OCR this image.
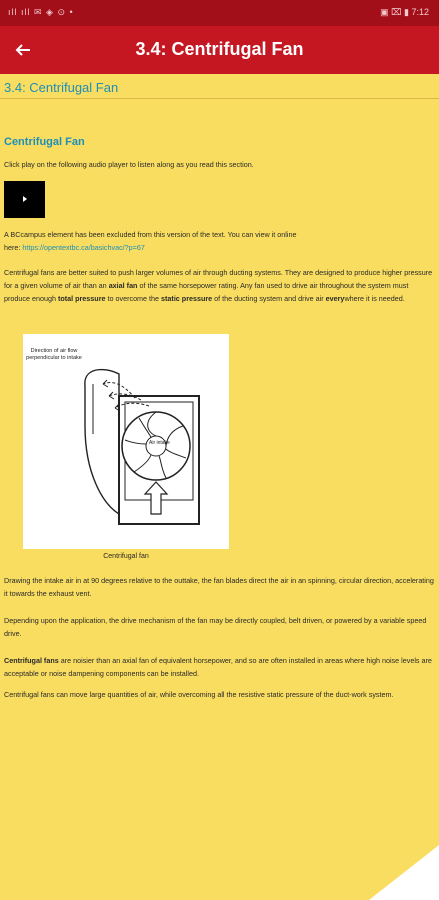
ıll ıll ✉ ◈ ⊙ •	▣ ⌧ ▮ 7:12
3.4: Centrifugal Fan
3.4: Centrifugal Fan
Centrifugal Fan
Click play on the following audio player to listen along as you read this section.
A BCcampus element has been excluded from this version of the text. You can view it online
here: https://opentextbc.ca/basichvac/?p=67
Centrifugal fans are better suited to push larger volumes of air through ducting systems. They are designed to produce higher pressure for a given volume of air than an axial fan of the same horsepower rating. Any fan used to drive air throughout the system must produce enough total pressure to overcome the static pressure of the ducting system and drive air everywhere it is needed.
Air intake
Direction of air flow perpendicular to intake
Centrifugal fan
Drawing the intake air in at 90 degrees relative to the outtake, the fan blades direct the air in an spinning, circular direction, accelerating it towards the exhaust vent.
Depending upon the application, the drive mechanism of the fan may be directly coupled, belt driven, or powered by a variable speed drive.
Centrifugal fans are noisier than an axial fan of equivalent horsepower, and so are often installed in areas where high noise levels are acceptable or noise dampening components can be installed.
Centrifugal fans can move large quantities of air, while overcoming all the resistive static pressure of the duct-work system.
